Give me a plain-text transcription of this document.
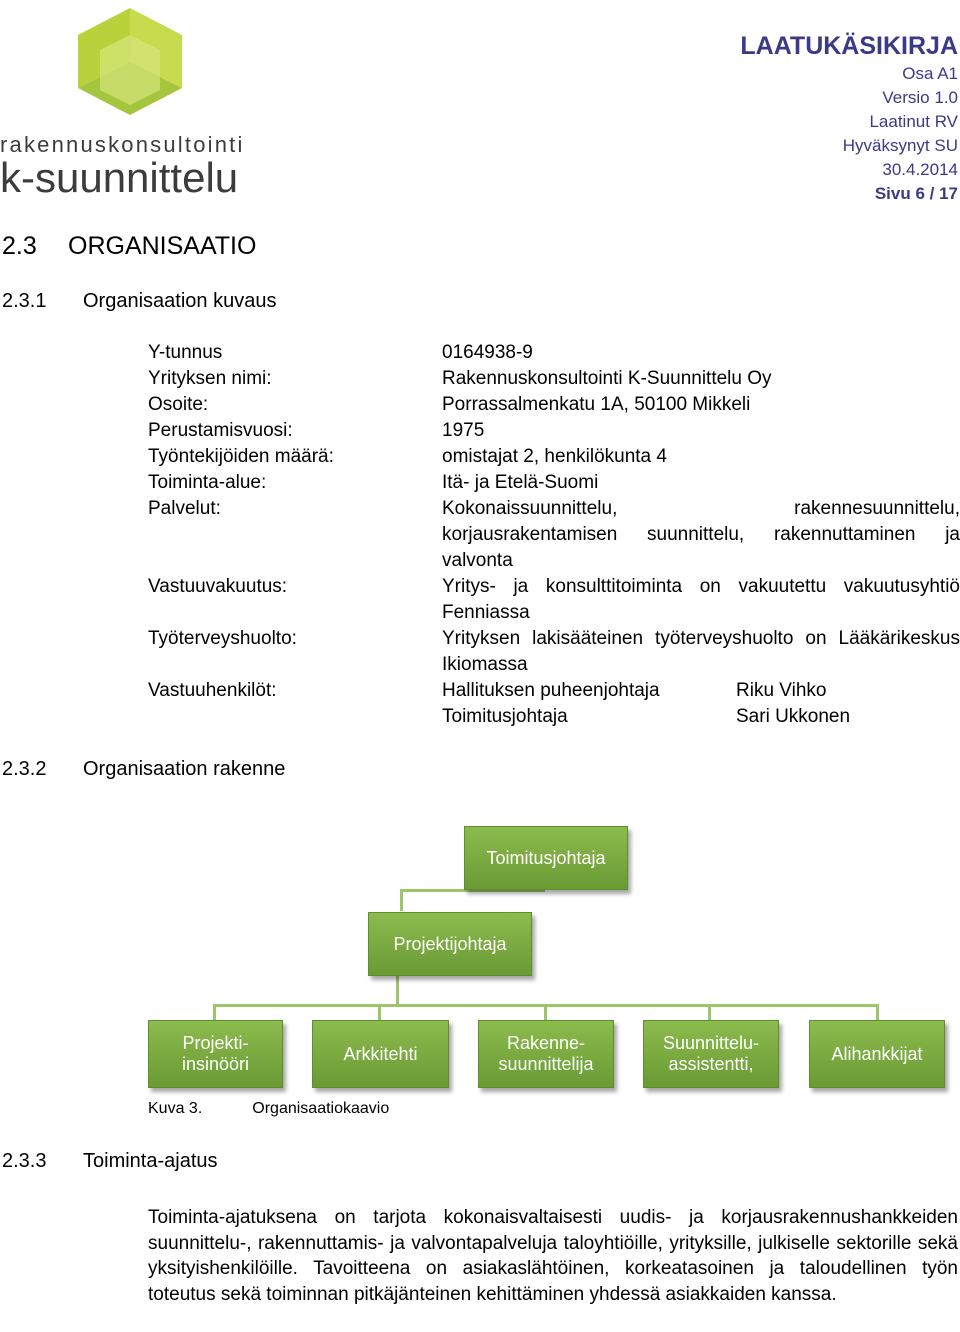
rakennuskonsultointi
k-suunnittelu
LAATUKÄSIKIRJA
Osa A1
Versio 1.0
Laatinut RV
Hyväksynyt SU
30.4.2014
Sivu 6 / 17
2.3 ORGANISAATIO
2.3.1 Organisaation kuvaus
Y-tunnus	0164938-9
Yrityksen nimi:	Rakennuskonsultointi K-Suunnittelu Oy
Osoite:	Porrassalmenkatu 1A, 50100 Mikkeli
Perustamisvuosi:	1975
Työntekijöiden määrä:	omistajat 2, henkilökunta 4
Toiminta-alue:	Itä- ja Etelä-Suomi
Palvelut:	Kokonaissuunnittelu, rakennesuunnittelu, korjausrakentamisen suunnittelu, rakennuttaminen ja valvonta
Vastuuvakuutus:	Yritys- ja konsulttitoiminta on vakuutettu vakuutusyhtiö Fenniassa
Työterveyshuolto:	Yrityksen lakisääteinen työterveyshuolto on Lääkärikeskus Ikiomassa
Vastuuhenkilöt:	Hallituksen puheenjohtaja	Riku Vihko
Toimitusjohtaja	Sari Ukkonen
2.3.2 Organisaation rakenne
Toimitusjohtaja
Projektijohtaja
Projekti-
insinööri
Arkkitehti
Rakenne-
suunnittelija
Suunnittelu-
assistentti,
Alihankkijat
Kuva 3.	Organisaatiokaavio
2.3.3 Toiminta-ajatus
Toiminta-ajatuksena on tarjota kokonaisvaltaisesti uudis- ja korjausrakennushankkeiden suunnittelu-, rakennuttamis- ja valvontapalveluja taloyhtiöille, yrityksille, julkiselle sektorille sekä yksityishenkilöille. Tavoitteena on asiakaslähtöinen, korkeatasoinen ja taloudellinen työn toteutus sekä toiminnan pitkäjänteinen kehittäminen yhdessä asiakkaiden kanssa.
